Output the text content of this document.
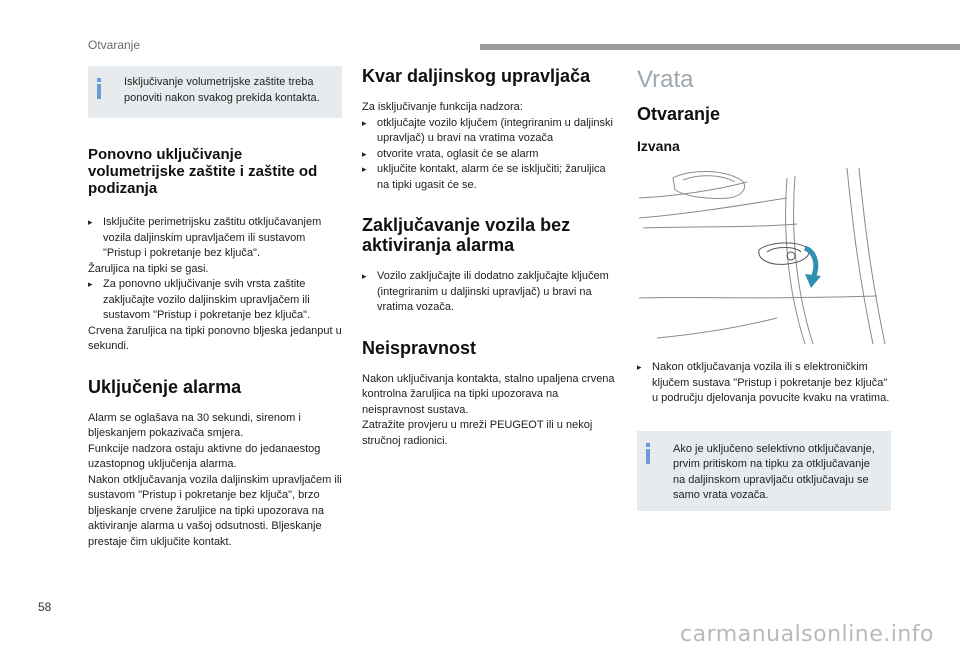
Otvaranje
Isključivanje volumetrijske zaštite treba ponoviti nakon svakog prekida kontakta.
Ponovno uključivanje volumetrijske zaštite i zaštite od podizanja

▸ Isključite perimetrijsku zaštitu otključavanjem vozila daljinskim upravljačem ili sustavom "Pristup i pokretanje bez ključa".

Žaruljica na tipki se gasi.

▸ Za ponovno uključivanje svih vrsta zaštite zaključajte vozilo daljinskim upravljačem ili sustavom "Pristup i pokretanje bez ključa".

Crvena žaruljica na tipki ponovno bljeska jedanput u sekundi.

Uključenje alarma

Alarm se oglašava na 30 sekundi, sirenom i bljeskanjem pokazivača smjera.

Funkcije nadzora ostaju aktivne do jedanaestog uzastopnog uključenja alarma.

Nakon otključavanja vozila daljinskim upravljačem ili sustavom "Pristup i pokretanje bez ključa", brzo bljeskanje crvene žaruljice na tipki upozorava na aktiviranje alarma u vašoj odsutnosti. Bljeskanje prestaje čim uključite kontakt.

Kvar daljinskog upravljača

Za isključivanje funkcija nadzora:

▸ otključajte vozilo ključem (integriranim u daljinski upravljač) u bravi na vratima vozača

▸ otvorite vrata, oglasit će se alarm

▸ uključite kontakt, alarm će se isključiti; žaruljica na tipki ugasit će se.

Zaključavanje vozila bez aktiviranja alarma

▸ Vozilo zaključajte ili dodatno zaključajte ključem (integriranim u daljinski upravljač) u bravi na vratima vozača.

Neispravnost

Nakon uključivanja kontakta, stalno upaljena crvena kontrolna žaruljica na tipki upozorava na neispravnost sustava.

Zatražite provjeru u mreži PEUGEOT ili u nekoj stručnoj radionici.

Vrata
Otvaranje
Izvana

▸ Nakon otključavanja vozila ili s elektroničkim ključem sustava "Pristup i pokretanje bez ključa" u području djelovanja povucite kvaku na vratima.

Ako je uključeno selektivno otključavanje, prvim pritiskom na tipku za otključavanje na daljinskom upravljaču otključavaju se samo vrata vozača.
58
carmanualsonline.info
